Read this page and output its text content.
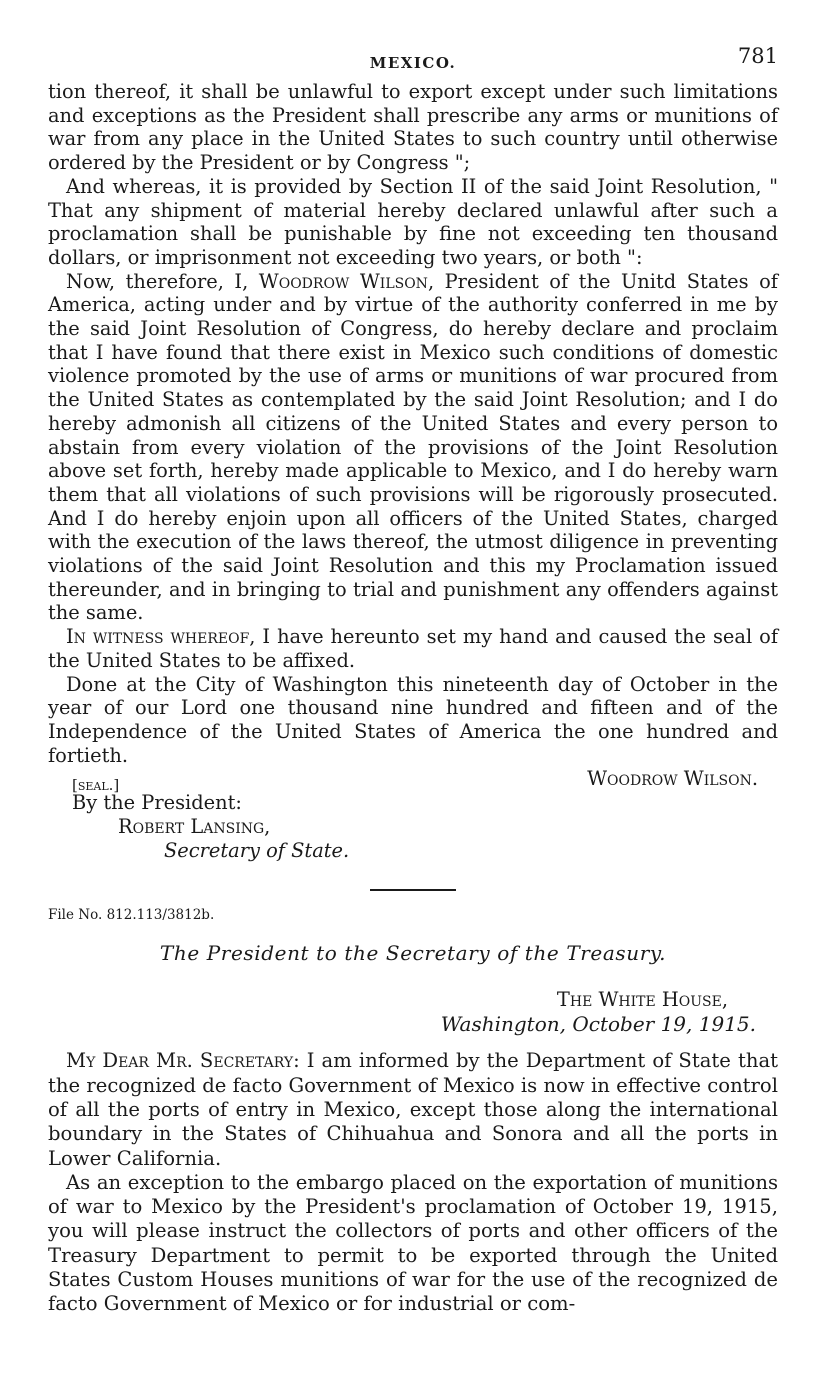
MEXICO.	781

tion thereof, it shall be unlawful to export except under such limitations and exceptions as the President shall prescribe any arms or munitions of war from any place in the United States to such country until otherwise ordered by the President or by Congress ";

And whereas, it is provided by Section II of the said Joint Resolution, " That any shipment of material hereby declared unlawful after such a proclamation shall be punishable by fine not exceeding ten thousand dollars, or imprisonment not exceeding two years, or both ":

Now, therefore, I, Woodrow Wilson, President of the Unitd States of America, acting under and by virtue of the authority conferred in me by the said Joint Resolution of Congress, do hereby declare and proclaim that I have found that there exist in Mexico such conditions of domestic violence promoted by the use of arms or munitions of war procured from the United States as contemplated by the said Joint Resolution; and I do hereby admonish all citizens of the United States and every person to abstain from every violation of the provisions of the Joint Resolution above set forth, hereby made applicable to Mexico, and I do hereby warn them that all violations of such provisions will be rigorously prosecuted. And I do hereby enjoin upon all officers of the United States, charged with the execution of the laws thereof, the utmost diligence in preventing violations of the said Joint Resolution and this my Proclamation issued thereunder, and in bringing to trial and punishment any offenders against the same.

In witness whereof, I have hereunto set my hand and caused the seal of the United States to be affixed.

Done at the City of Washington this nineteenth day of October in the year of our Lord one thousand nine hundred and fifteen and of the Independence of the United States of America the one hundred and fortieth.

[seal.]	Woodrow Wilson.
By the President:
Robert Lansing,
Secretary of State.
File No. 812.113/3812b.
The President to the Secretary of the Treasury.
The White House,
Washington, October 19, 1915.

My Dear Mr. Secretary: I am informed by the Department of State that the recognized de facto Government of Mexico is now in effective control of all the ports of entry in Mexico, except those along the international boundary in the States of Chihuahua and Sonora and all the ports in Lower California.

As an exception to the embargo placed on the exportation of munitions of war to Mexico by the President's proclamation of October 19, 1915, you will please instruct the collectors of ports and other officers of the Treasury Department to permit to be exported through the United States Custom Houses munitions of war for the use of the recognized de facto Government of Mexico or for industrial or com-
